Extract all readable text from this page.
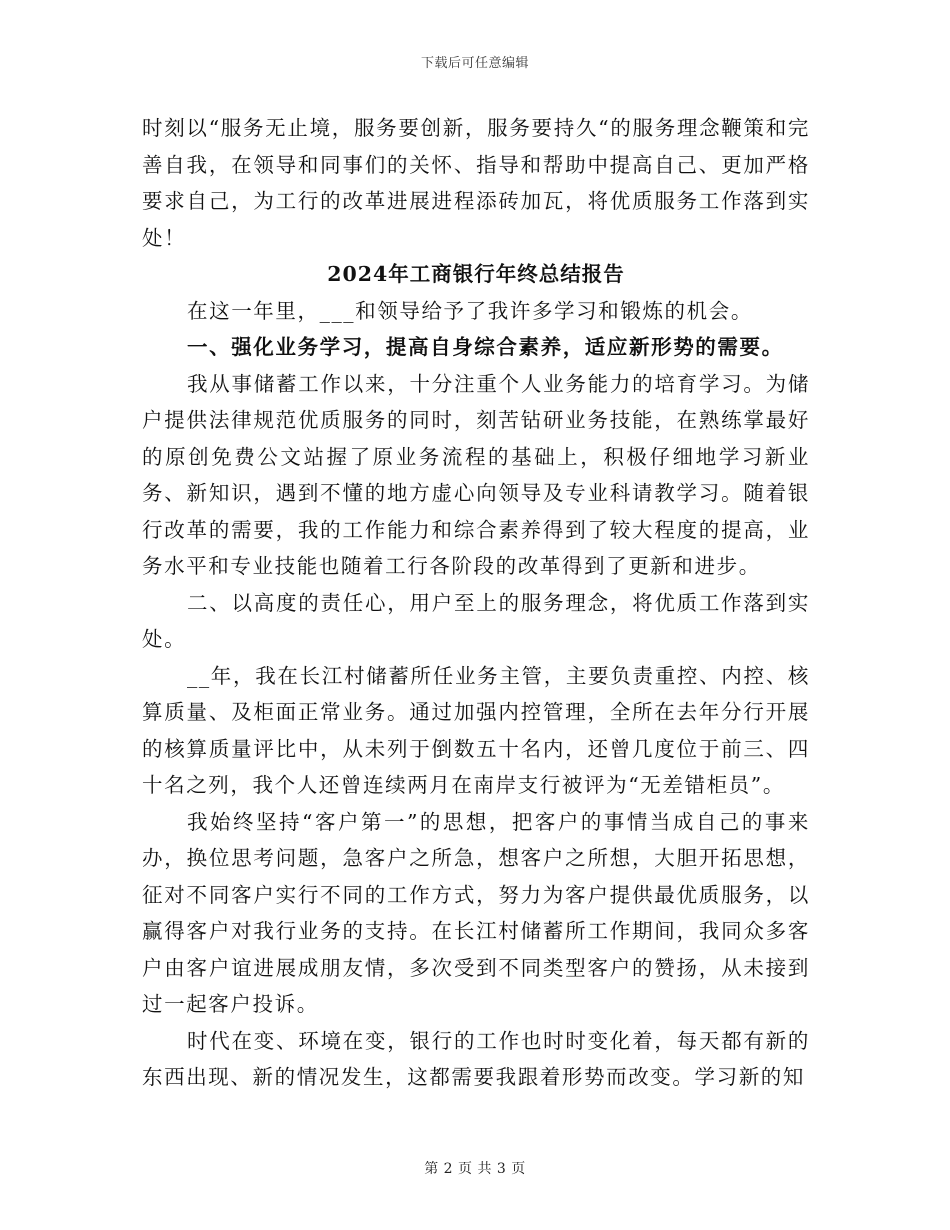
下载后可任意编辑

时刻以“服务无止境，服务要创新，服务要持久“的服务理念鞭策和完善自我，在领导和同事们的关怀、指导和帮助中提高自己、更加严格要求自己，为工行的改革进展进程添砖加瓦，将优质服务工作落到实处！

2024年工商银行年终总结报告

在这一年里，___和领导给予了我许多学习和锻炼的机会。

一、强化业务学习，提高自身综合素养，适应新形势的需要。

我从事储蓄工作以来，十分注重个人业务能力的培育学习。为储户提供法律规范优质服务的同时，刻苦钻研业务技能，在熟练掌最好的原创免费公文站握了原业务流程的基础上，积极仔细地学习新业务、新知识，遇到不懂的地方虚心向领导及专业科请教学习。随着银行改革的需要，我的工作能力和综合素养得到了较大程度的提高，业务水平和专业技能也随着工行各阶段的改革得到了更新和进步。

二、以高度的责任心，用户至上的服务理念，将优质工作落到实处。

__年，我在长江村储蓄所任业务主管，主要负责重控、内控、核算质量、及柜面正常业务。通过加强内控管理，全所在去年分行开展的核算质量评比中，从未列于倒数五十名内，还曾几度位于前三、四十名之列，我个人还曾连续两月在南岸支行被评为“无差错柜员”。

我始终坚持“客户第一”的思想，把客户的事情当成自己的事来办，换位思考问题，急客户之所急，想客户之所想，大胆开拓思想，征对不同客户实行不同的工作方式，努力为客户提供最优质服务，以赢得客户对我行业务的支持。在长江村储蓄所工作期间，我同众多客户由客户谊进展成朋友情，多次受到不同类型客户的赞扬，从未接到过一起客户投诉。

时代在变、环境在变，银行的工作也时时变化着，每天都有新的东西出现、新的情况发生，这都需要我跟着形势而改变。学习新的知

第 2 页 共 3 页
